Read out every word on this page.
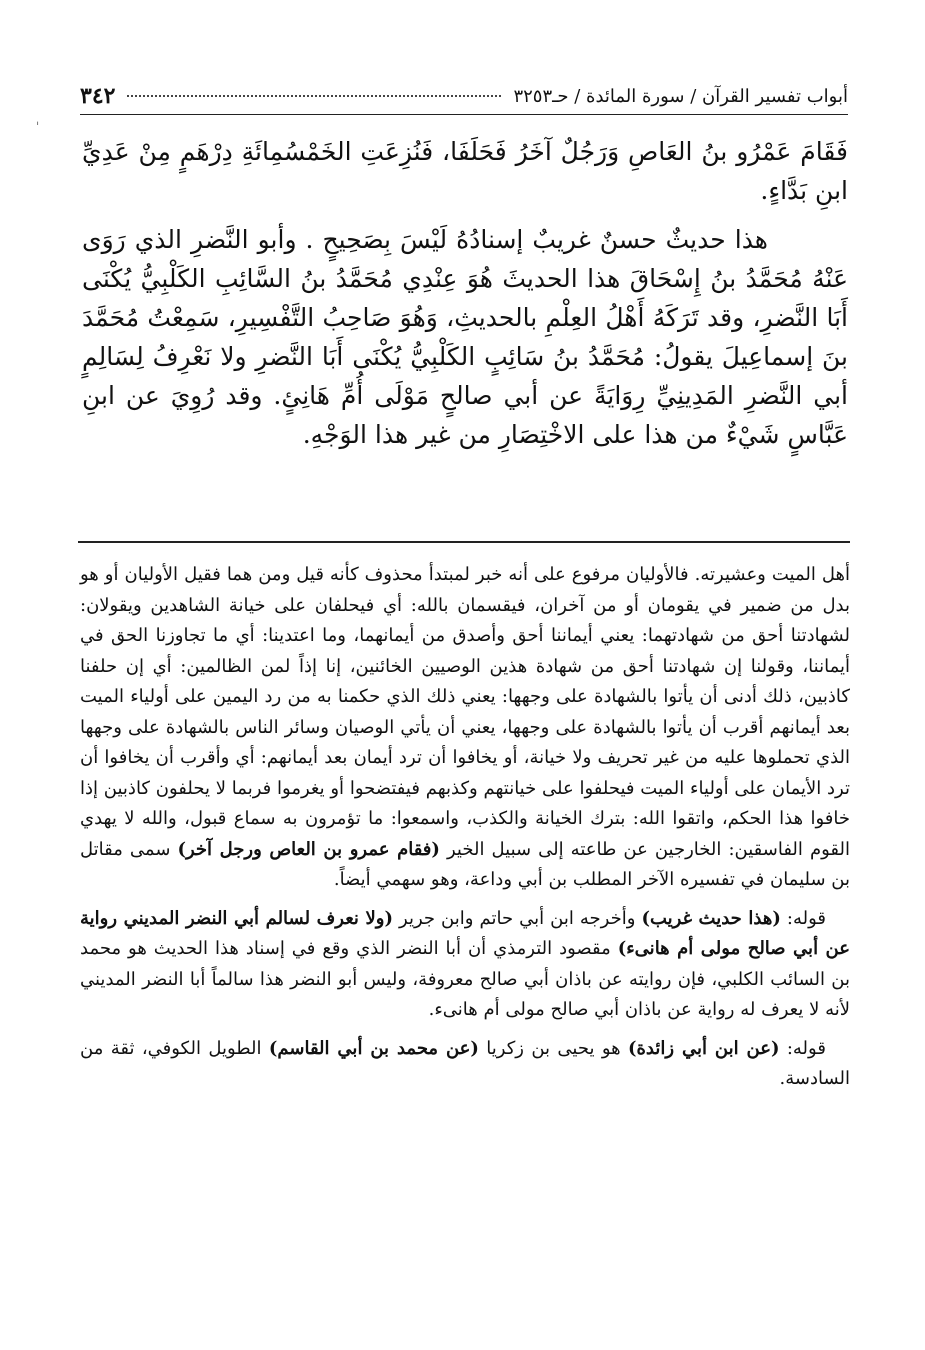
ˌ
٣٤٢	أبواب تفسير القرآن / سورة المائدة / حـ٣٢٥٣

فَقَامَ عَمْرُو بنُ العَاصِ وَرَجُلٌ آخَرُ فَحَلَفَا، فَنُزِعَتِ الخَمْسُمِائَةِ دِرْهَمٍ مِنْ عَدِيِّ ابنِ بَدَّاءٍ.

هذا حديثٌ حسنٌ غريبٌ إسنادُهُ لَيْسَ بِصَحِيحٍ . وأبو النَّضرِ الذي رَوَى عَنْهُ مُحَمَّدُ بنُ إِسْحَاقَ هذا الحديثَ هُوَ عِنْدِي مُحَمَّدُ بنُ السَّائِبِ الكَلْبِيُّ يُكْنَى أَبَا النَّضرِ، وقد تَرَكَهُ أَهْلُ العِلْمِ بالحديثِ، وَهُوَ صَاحِبُ التَّفْسِيرِ، سَمِعْتُ مُحَمَّدَ بنَ إسماعِيلَ يقولُ: مُحَمَّدُ بنُ سَائِبٍ الكَلْبِيُّ يُكْنَى أَبَا النَّضرِ ولا نَعْرِفُ لِسَالِمٍ أبي النَّضرِ المَدِينِيِّ رِوَايَةً عن أبي صالحٍ مَوْلَى أُمِّ هَانِئٍ. وقد رُوِيَ عن ابنِ عَبَّاسٍ شَيْءٌ من هذا على الاخْتِصَارِ من غير هذا الوَجْهِ.

أهل الميت وعشيرته. فالأوليان مرفوع على أنه خبر لمبتدأ محذوف كأنه قيل ومن هما فقيل الأوليان أو هو بدل من ضمير في يقومان أو من آخران، فيقسمان بالله: أي فيحلفان على خيانة الشاهدين ويقولان: لشهادتنا أحق من شهادتهما: يعني أيماننا أحق وأصدق من أيمانهما، وما اعتدينا: أي ما تجاوزنا الحق في أيماننا، وقولنا إن شهادتنا أحق من شهادة هذين الوصيين الخائنين، إنا إذاً لمن الظالمين: أي إن حلفنا كاذبين، ذلك أدنى أن يأتوا بالشهادة على وجهها: يعني ذلك الذي حكمنا به من رد اليمين على أولياء الميت بعد أيمانهم أقرب أن يأتوا بالشهادة على وجهها، يعني أن يأتي الوصيان وسائر الناس بالشهادة على وجهها الذي تحملوها عليه من غير تحريف ولا خيانة، أو يخافوا أن ترد أيمان بعد أيمانهم: أي وأقرب أن يخافوا أن ترد الأيمان على أولياء الميت فيحلفوا على خيانتهم وكذبهم فيفتضحوا أو يغرموا فربما لا يحلفون كاذبين إذا خافوا هذا الحكم، واتقوا الله: بترك الخيانة والكذب، واسمعوا: ما تؤمرون به سماع قبول، والله لا يهدي القوم الفاسقين: الخارجين عن طاعته إلى سبيل الخير (فقام عمرو بن العاص ورجل آخر) سمى مقاتل بن سليمان في تفسيره الآخر المطلب بن أبي وداعة، وهو سهمي أيضاً.

قوله: (هذا حديث غريب) وأخرجه ابن أبي حاتم وابن جرير (ولا نعرف لسالم أبي النضر المديني رواية عن أبي صالح مولى أم هانىء) مقصود الترمذي أن أبا النضر الذي وقع في إسناد هذا الحديث هو محمد بن السائب الكلبي، فإن روايته عن باذان أبي صالح معروفة، وليس أبو النضر هذا سالماً أبا النضر المديني لأنه لا يعرف له رواية عن باذان أبي صالح مولى أم هانىء.

قوله: (عن ابن أبي زائدة) هو يحيى بن زكريا (عن محمد بن أبي القاسم) الطويل الكوفي، ثقة من السادسة.
